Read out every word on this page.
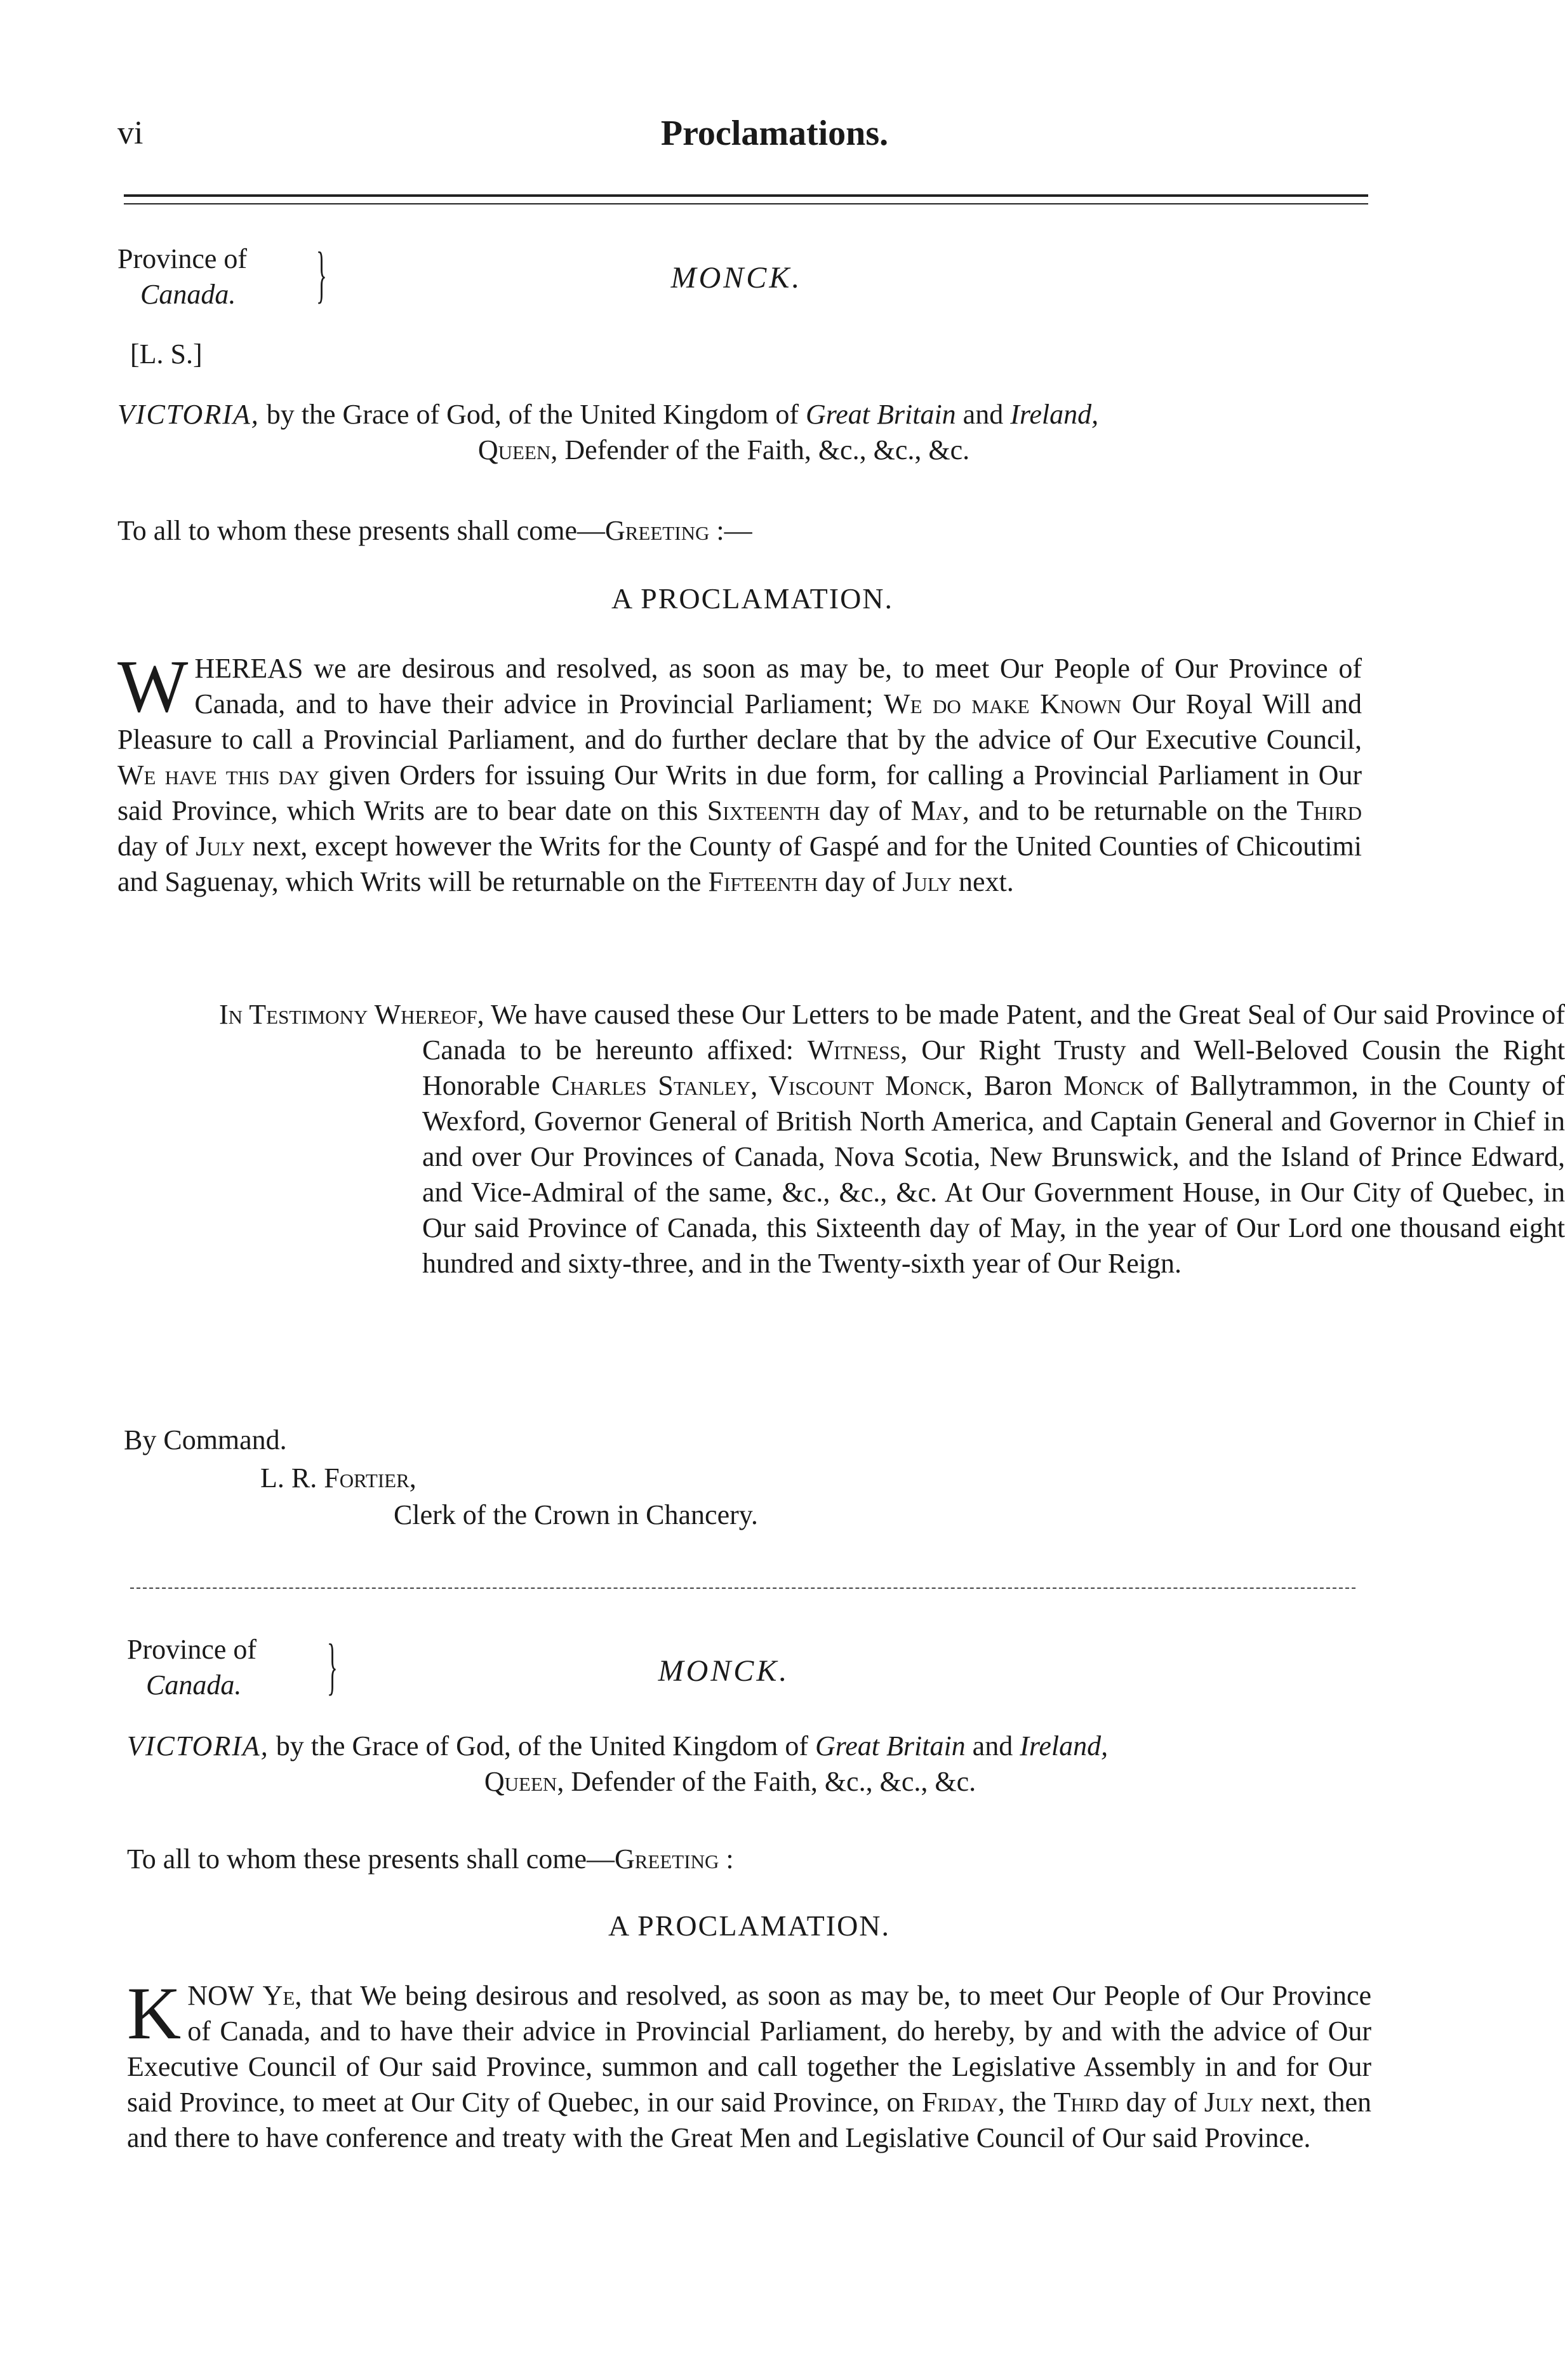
vi	Proclamations.
Province of
Canada.	}	MONCK.
[L. S.]
VICTORIA, by the Grace of God, of the United Kingdom of Great Britain and Ireland,
Queen, Defender of the Faith, &c., &c., &c.
To all to whom these presents shall come—Greeting :—
A PROCLAMATION.
W HEREAS we are desirous and resolved, as soon as may be, to meet Our People of Our Province of Canada, and to have their advice in Provincial Parliament; We do make Known Our Royal Will and Pleasure to call a Provincial Parliament, and do further declare that by the advice of Our Executive Council, We have this day given Orders for issuing Our Writs in due form, for calling a Provincial Parliament in Our said Province, which Writs are to bear date on this Sixteenth day of May, and to be returnable on the Third day of July next, except however the Writs for the County of Gaspé and for the United Counties of Chicoutimi and Saguenay, which Writs will be returnable on the Fifteenth day of July next.
In Testimony Whereof, We have caused these Our Letters to be made Patent, and the Great Seal of Our said Province of Canada to be hereunto affixed: Witness, Our Right Trusty and Well-Beloved Cousin the Right Honorable Charles Stanley, Viscount Monck, Baron Monck of Ballytrammon, in the County of Wexford, Governor General of British North America, and Captain General and Governor in Chief in and over Our Provinces of Canada, Nova Scotia, New Brunswick, and the Island of Prince Edward, and Vice-Admiral of the same, &c., &c., &c. At Our Government House, in Our City of Quebec, in Our said Province of Canada, this Sixteenth day of May, in the year of Our Lord one thousand eight hundred and sixty-three, and in the Twenty-sixth year of Our Reign.
By Command.
L. R. Fortier,
Clerk of the Crown in Chancery.
Province of
Canada.	}	MONCK.
VICTORIA, by the Grace of God, of the United Kingdom of Great Britain and Ireland,
Queen, Defender of the Faith, &c., &c., &c.
To all to whom these presents shall come—Greeting :
A PROCLAMATION.
K NOW Ye, that We being desirous and resolved, as soon as may be, to meet Our People of Our Province of Canada, and to have their advice in Provincial Parliament, do hereby, by and with the advice of Our Executive Council of Our said Province, summon and call together the Legislative Assembly in and for Our said Province, to meet at Our City of Quebec, in our said Province, on Friday, the Third day of July next, then and there to have conference and treaty with the Great Men and Legislative Council of Our said Province.
